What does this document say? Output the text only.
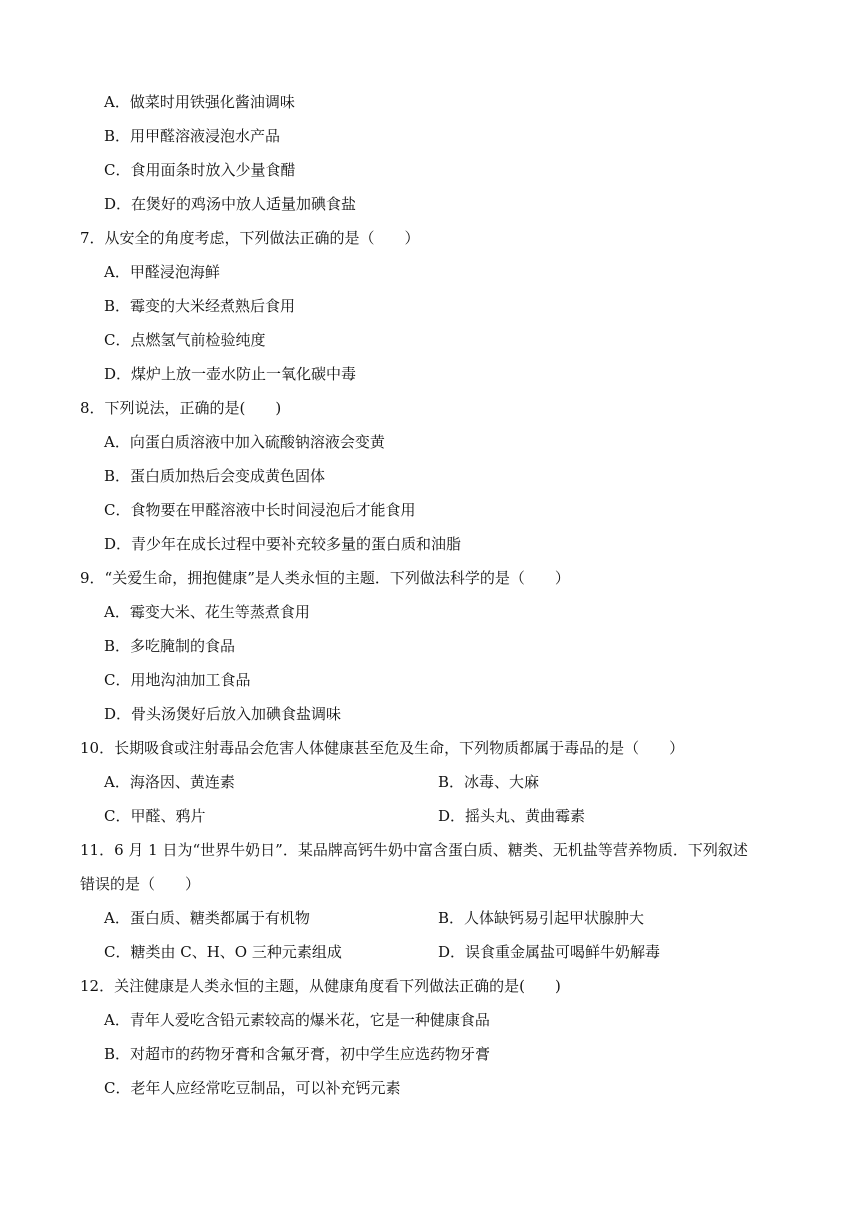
A．做菜时用铁强化酱油调味
B．用甲醛溶液浸泡水产品
C．食用面条时放入少量食醋
D．在煲好的鸡汤中放人适量加碘食盐
7．从安全的角度考虑，下列做法正确的是（　　）
A．甲醛浸泡海鲜
B．霉变的大米经煮熟后食用
C．点燃氢气前检验纯度
D．煤炉上放一壶水防止一氧化碳中毒
8．下列说法，正确的是(　　)
A．向蛋白质溶液中加入硫酸钠溶液会变黄
B．蛋白质加热后会变成黄色固体
C．食物要在甲醛溶液中长时间浸泡后才能食用
D．青少年在成长过程中要补充较多量的蛋白质和油脂
9．“关爱生命，拥抱健康”是人类永恒的主题．下列做法科学的是（　　）
A．霉变大米、花生等蒸煮食用
B．多吃腌制的食品
C．用地沟油加工食品
D．骨头汤煲好后放入加碘食盐调味
10．长期吸食或注射毒品会危害人体健康甚至危及生命，下列物质都属于毒品的是（　　）
A．海洛因、黄连素	B．冰毒、大麻
C．甲醛、鸦片	D．摇头丸、黄曲霉素
11．6 月 1 日为“世界牛奶日”．某品牌高钙牛奶中富含蛋白质、糖类、无机盐等营养物质．下列叙述
错误的是（　　）
A．蛋白质、糖类都属于有机物	B．人体缺钙易引起甲状腺肿大
C．糖类由 C、H、O 三种元素组成	D．误食重金属盐可喝鲜牛奶解毒
12．关注健康是人类永恒的主题，从健康角度看下列做法正确的是(　　)
A．青年人爱吃含铅元素较高的爆米花，它是一种健康食品
B．对超市的药物牙膏和含氟牙膏，初中学生应选药物牙膏
C．老年人应经常吃豆制品，可以补充钙元素
